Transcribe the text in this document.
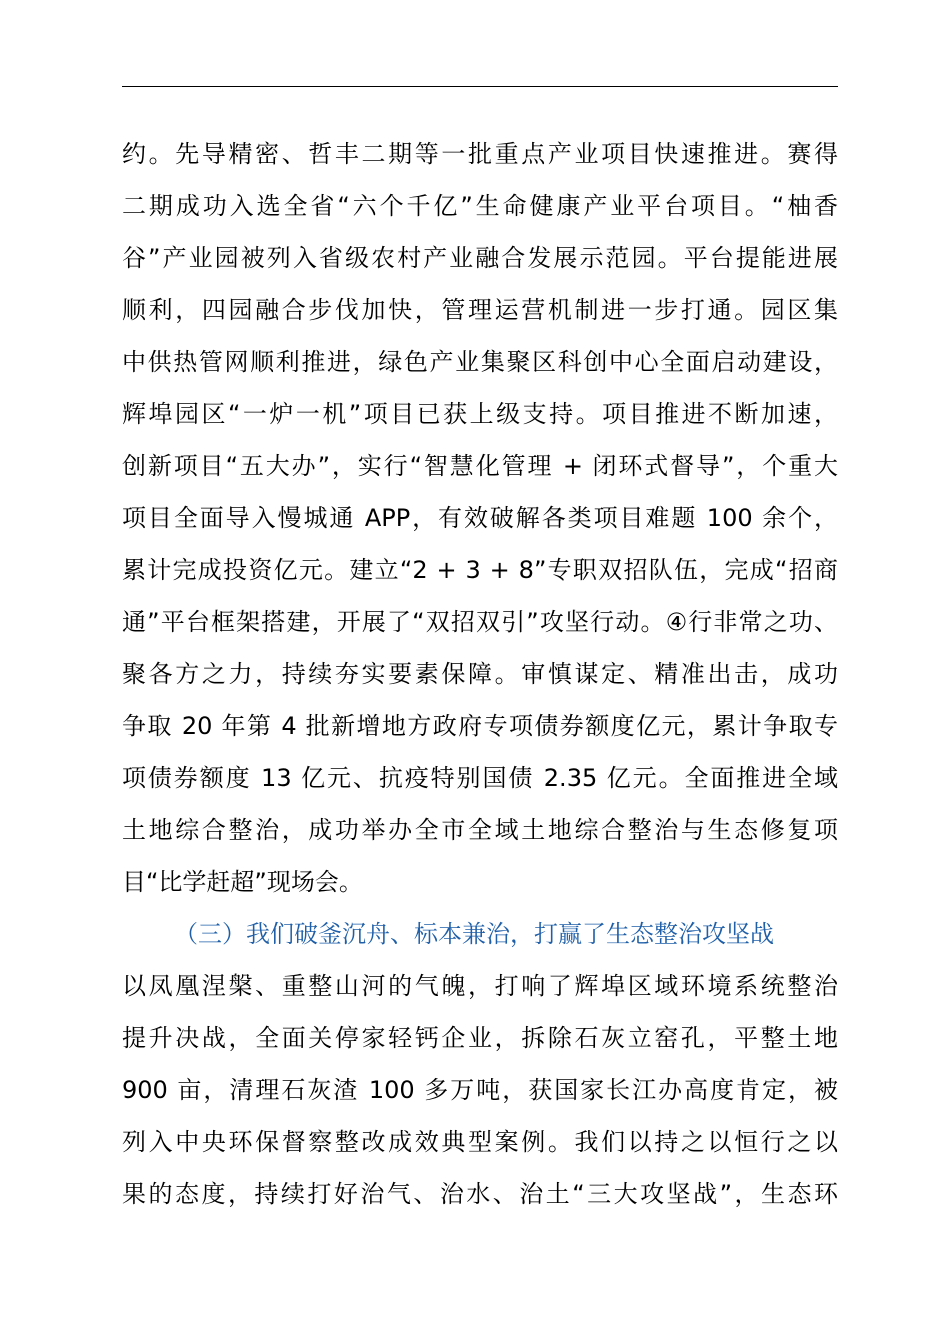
约。先导精密、哲丰二期等一批重点产业项目快速推进。赛得
二期成功入选全省“六个千亿”生命健康产业平台项目。“柚香
谷”产业园被列入省级农村产业融合发展示范园。平台提能进展
顺利，四园融合步伐加快，管理运营机制进一步打通。园区集
中供热管网顺利推进，绿色产业集聚区科创中心全面启动建设，
辉埠园区“一炉一机”项目已获上级支持。项目推进不断加速，
创新项目“五大办”，实行“智慧化管理 + 闭环式督导”，个重大
项目全面导入慢城通 APP，有效破解各类项目难题 100 余个，
累计完成投资亿元。建立“2 + 3 + 8”专职双招队伍，完成“招商
通”平台框架搭建，开展了“双招双引”攻坚行动。④行非常之功、
聚各方之力，持续夯实要素保障。审慎谋定、精准出击，成功
争取 20 年第 4 批新增地方政府专项债券额度亿元，累计争取专
项债券额度 13 亿元、抗疫特别国债 2.35 亿元。全面推进全域
土地综合整治，成功举办全市全域土地综合整治与生态修复项
目“比学赶超”现场会。
（三）我们破釜沉舟、标本兼治，打赢了生态整治攻坚战
以凤凰涅槃、重整山河的气魄，打响了辉埠区域环境系统整治
提升决战，全面关停家轻钙企业，拆除石灰立窑孔，平整土地
900 亩，清理石灰渣 100 多万吨，获国家长江办高度肯定，被
列入中央环保督察整改成效典型案例。我们以持之以恒行之以
果的态度，持续打好治气、治水、治土“三大攻坚战”，生态环
